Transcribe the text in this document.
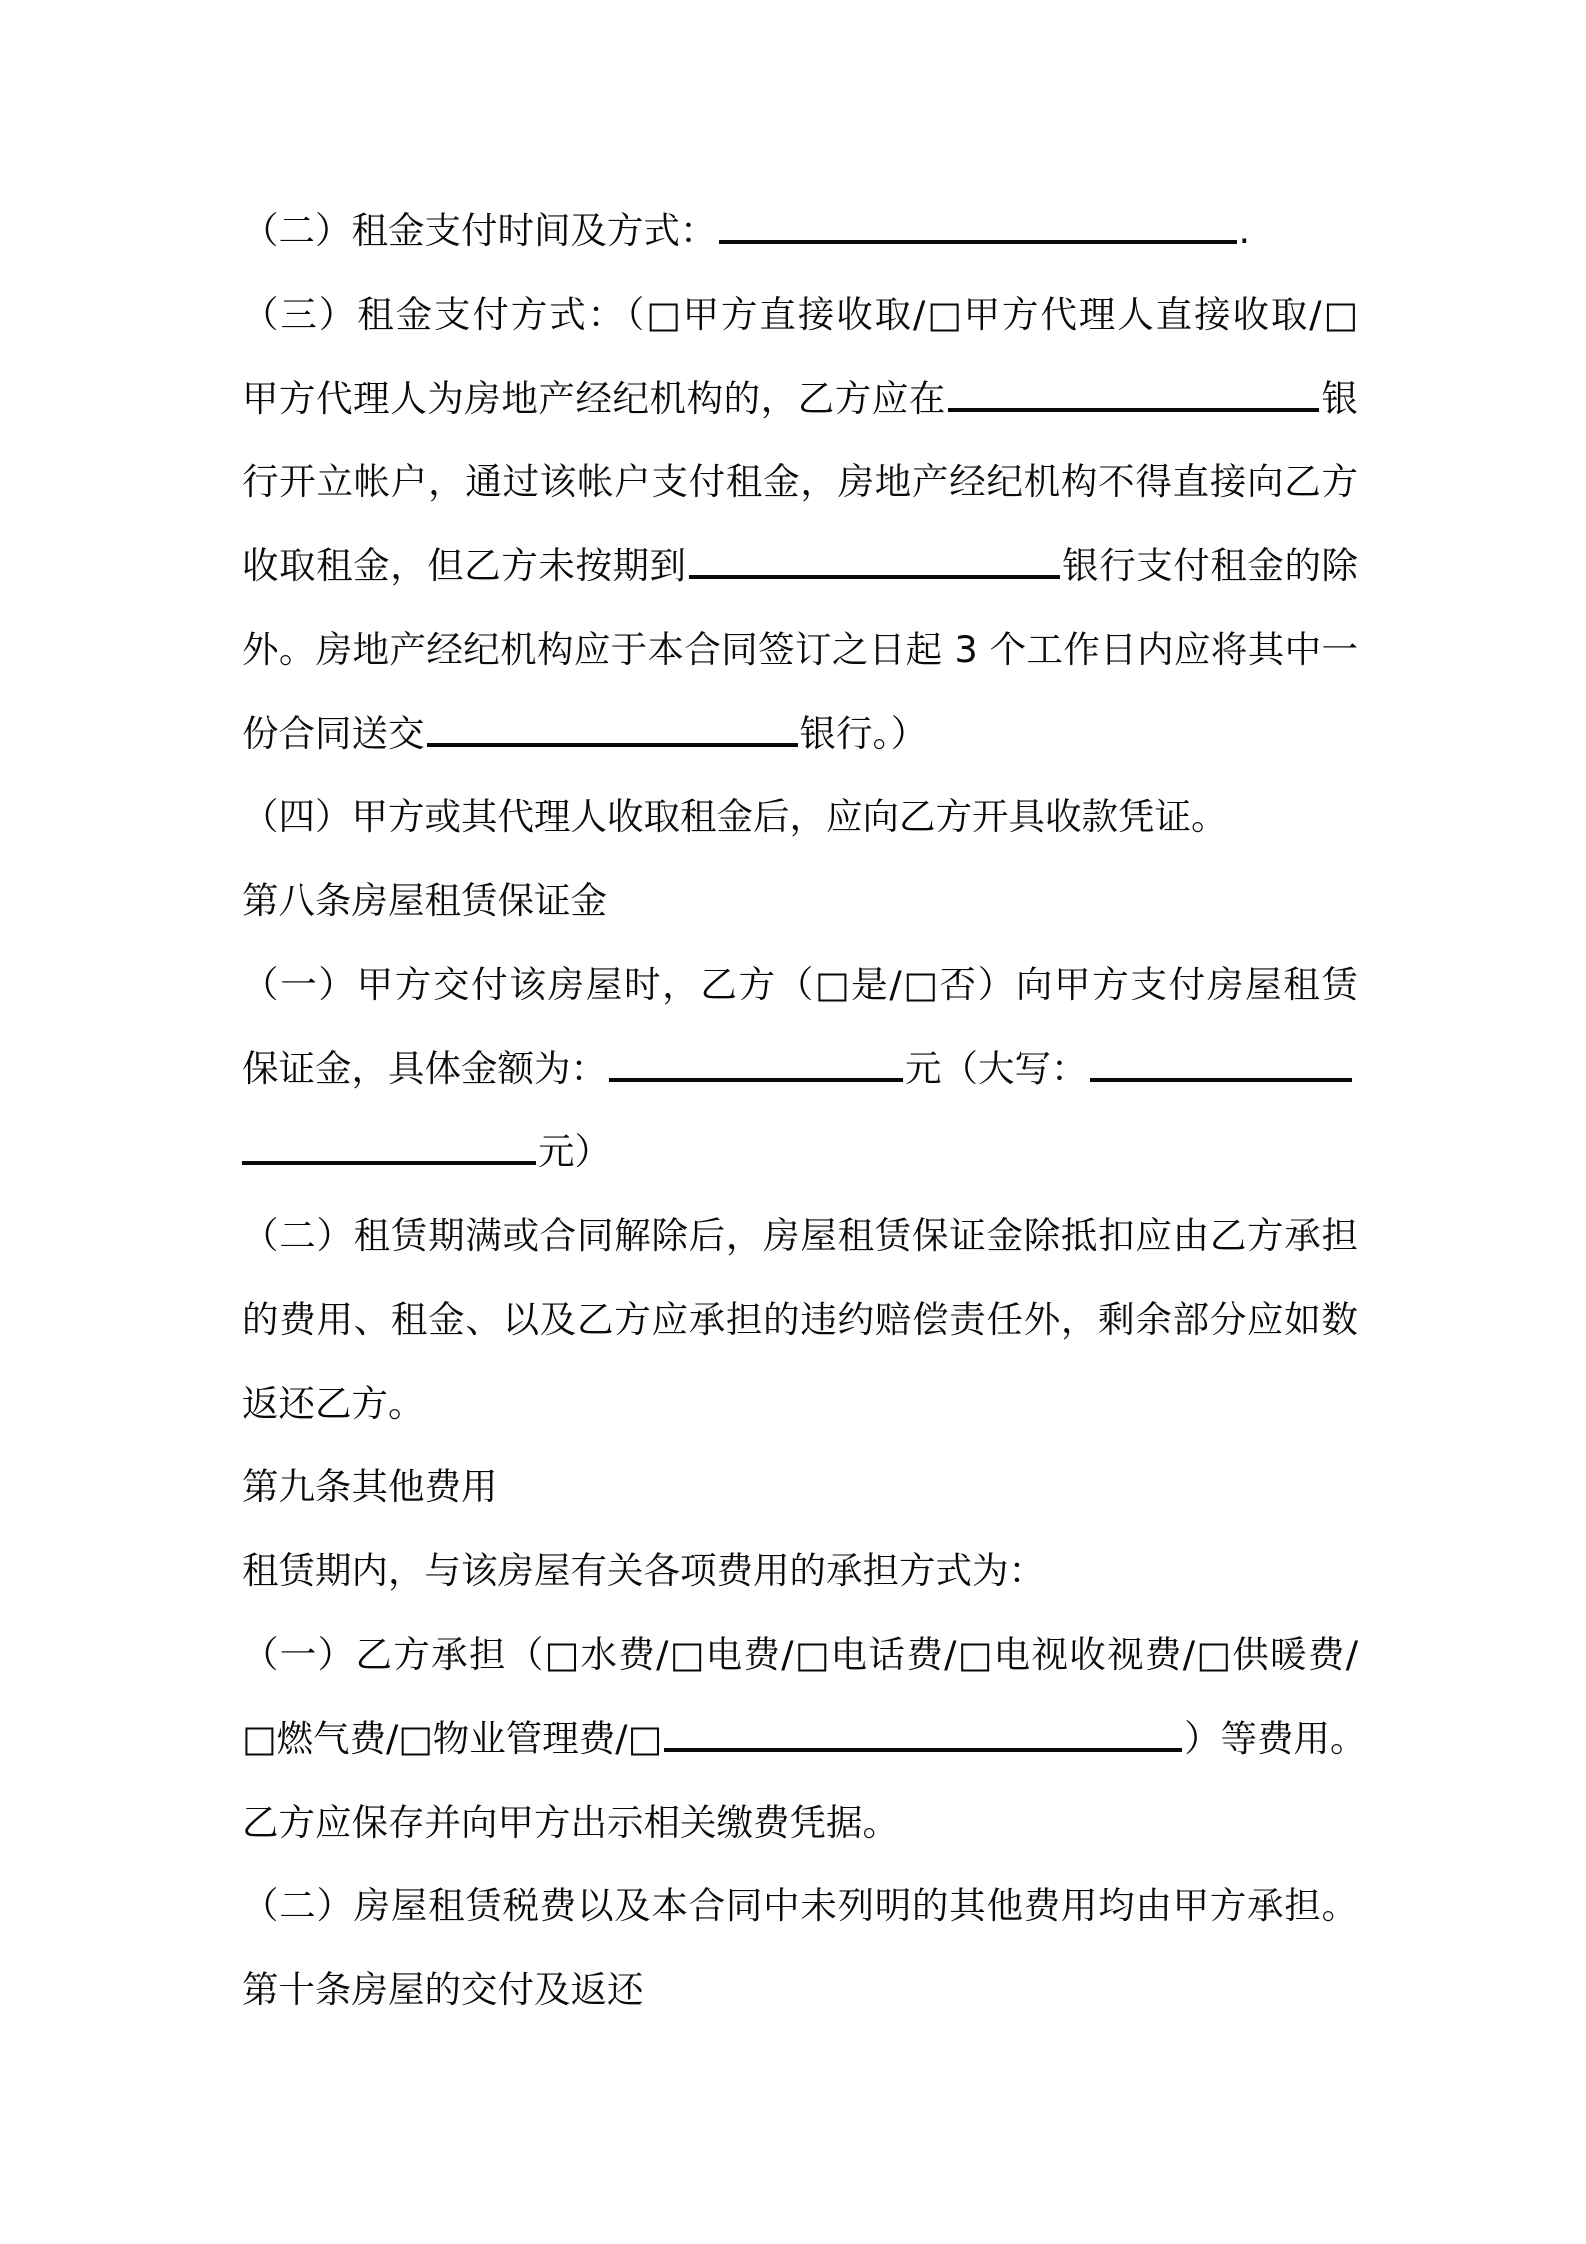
（二）租金支付时间及方式：	.
（三）租金支付方式：（□甲方直接收取/□甲方代理人直接收取/□
甲方代理人为房地产经纪机构的，乙方应在	银
行开立帐户，通过该帐户支付租金，房地产经纪机构不得直接向乙方
收取租金，但乙方未按期到	银行支付租金的除
外。房地产经纪机构应于本合同签订之日起 3 个工作日内应将其中一
份合同送交	银行。）
（四）甲方或其代理人收取租金后，应向乙方开具收款凭证。
第八条房屋租赁保证金
（一）甲方交付该房屋时，乙方（□是/□否）向甲方支付房屋租赁
保证金，具体金额为：	元（大写：
元）
（二）租赁期满或合同解除后，房屋租赁保证金除抵扣应由乙方承担
的费用、租金、以及乙方应承担的违约赔偿责任外，剩余部分应如数
返还乙方。
第九条其他费用
租赁期内，与该房屋有关各项费用的承担方式为：
（一）乙方承担（□水费/□电费/□电话费/□电视收视费/□供暖费/
□燃气费/□物业管理费/□	）等费用。
乙方应保存并向甲方出示相关缴费凭据。
（二）房屋租赁税费以及本合同中未列明的其他费用均由甲方承担。
第十条房屋的交付及返还
